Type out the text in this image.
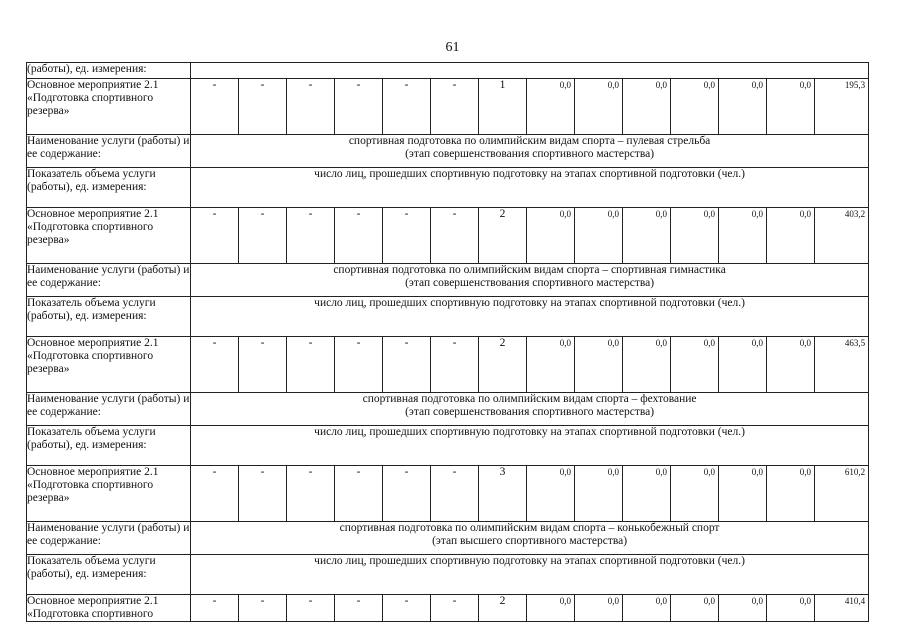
61
(работы), ед. измерения:														
Основное мероприятие 2.1 «Подготовка спортивного резерва»	-	-	-	-	-	-	1	0,0	0,0	0,0	0,0	0,0	0,0	195,3
Наименование услуги (работы) и ее содержание:	спортивная подготовка по олимпийским видам спорта – пулевая стрельба
(этап совершенствования спортивного мастерства)													

Показатель объема услуги (работы), ед. измерения:	число лиц, прошедших спортивную подготовку на этапах спортивной подготовки (чел.)													
Основное мероприятие 2.1 «Подготовка спортивного резерва»	-	-	-	-	-	-	2	0,0	0,0	0,0	0,0	0,0	0,0	403,2
Наименование услуги (работы) и ее содержание:	спортивная подготовка по олимпийским видам спорта – спортивная гимнастика
(этап совершенствования спортивного мастерства)													

Показатель объема услуги (работы), ед. измерения:	число лиц, прошедших спортивную подготовку на этапах спортивной подготовки (чел.)													
Основное мероприятие 2.1 «Подготовка спортивного резерва»	-	-	-	-	-	-	2	0,0	0,0	0,0	0,0	0,0	0,0	463,5
Наименование услуги (работы) и ее содержание:	спортивная подготовка по олимпийским видам спорта – фехтование
(этап совершенствования спортивного мастерства)													

Показатель объема услуги (работы), ед. измерения:	число лиц, прошедших спортивную подготовку на этапах спортивной подготовки (чел.)													
Основное мероприятие 2.1 «Подготовка спортивного резерва»	-	-	-	-	-	-	3	0,0	0,0	0,0	0,0	0,0	0,0	610,2
Наименование услуги (работы) и ее содержание:	спортивная подготовка по олимпийским видам спорта – конькобежный спорт
(этап высшего спортивного мастерства)													

Показатель объема услуги (работы), ед. измерения:	число лиц, прошедших спортивную подготовку на этапах спортивной подготовки (чел.)													
Основное мероприятие 2.1 «Подготовка спортивного	-	-	-	-	-	-	2	0,0	0,0	0,0	0,0	0,0	0,0	410,4
